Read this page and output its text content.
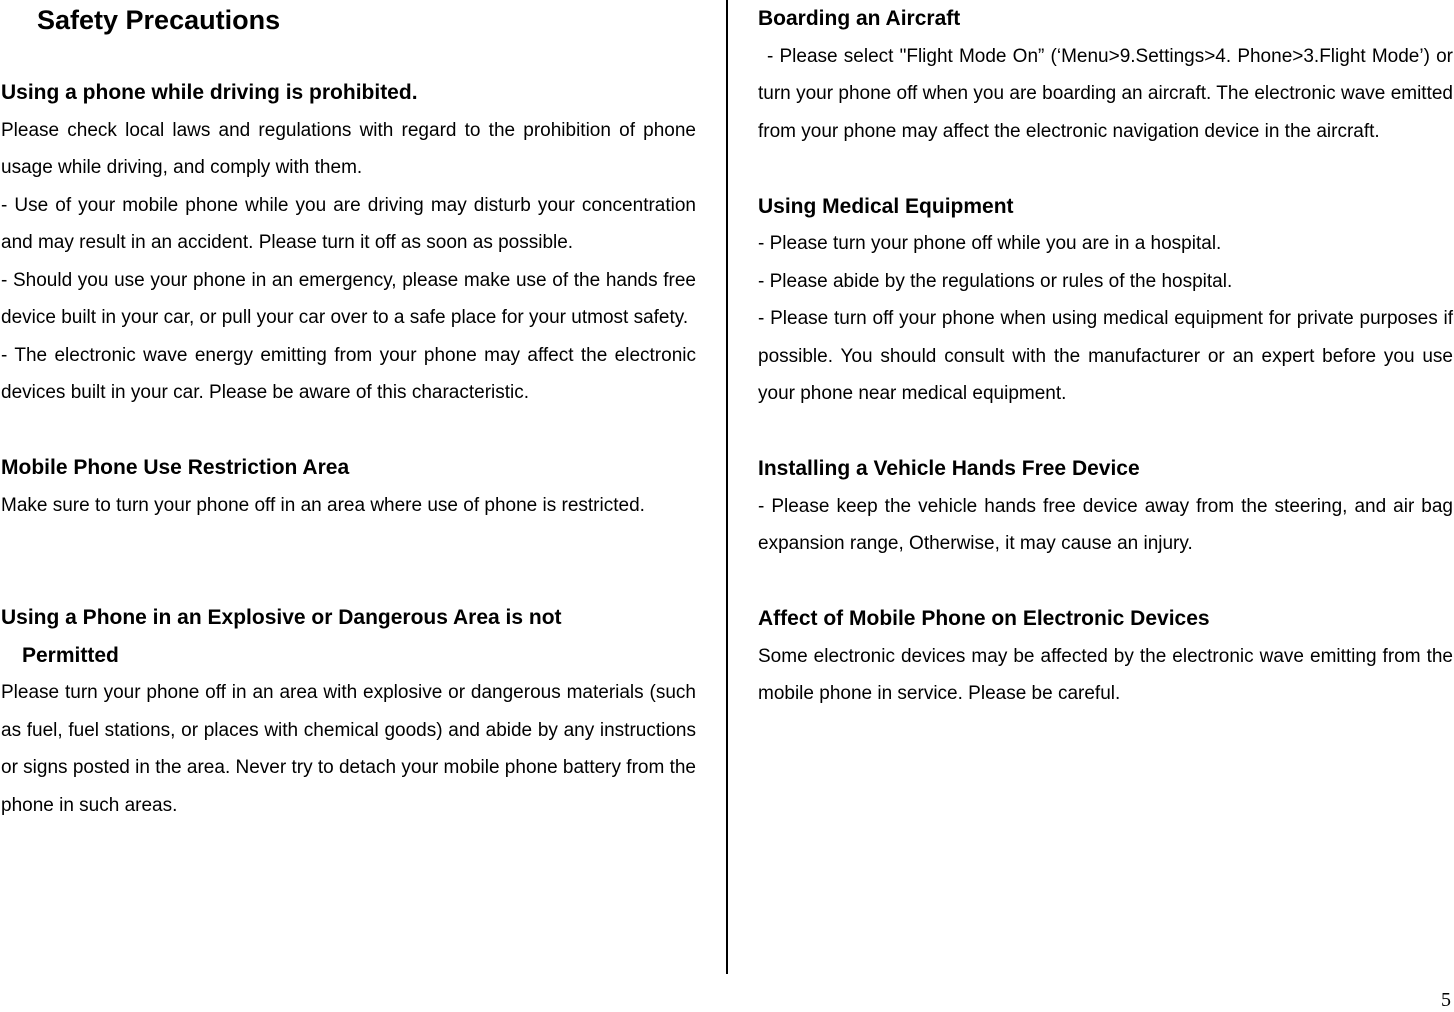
Safety Precautions
Using a phone while driving is prohibited.

Please check local laws and regulations with regard to the prohibition of phone usage while driving, and comply with them.

- Use of your mobile phone while you are driving may disturb your concentration and may result in an accident. Please turn it off as soon as possible.

- Should you use your phone in an emergency, please make use of the hands free device built in your car, or pull your car over to a safe place for your utmost safety.

- The electronic wave energy emitting from your phone may affect the electronic devices built in your car. Please be aware of this characteristic.

Mobile Phone Use Restriction Area

Make sure to turn your phone off in an area where use of phone is restricted.

Using a Phone in an Explosive or Dangerous Area is not
Permitted

Please turn your phone off in an area with explosive or dangerous materials (such as fuel, fuel stations, or places with chemical goods) and abide by any instructions or signs posted in the area. Never try to detach your mobile phone battery from the phone in such areas.

Boarding an Aircraft

- Please select "Flight Mode On” (‘Menu>9.Settings>4. Phone>3.Flight Mode’) or turn your phone off when you are boarding an aircraft. The electronic wave emitted from your phone may affect the electronic navigation device in the aircraft.

Using Medical Equipment

- Please turn your phone off while you are in a hospital.

- Please abide by the regulations or rules of the hospital.

- Please turn off your phone when using medical equipment for private purposes if possible. You should consult with the manufacturer or an expert before you use your phone near medical equipment.

Installing a Vehicle Hands Free Device

- Please keep the vehicle hands free device away from the steering, and air bag expansion range, Otherwise, it may cause an injury.

Affect of Mobile Phone on Electronic Devices

Some electronic devices may be affected by the electronic wave emitting from the mobile phone in service. Please be careful.

5
